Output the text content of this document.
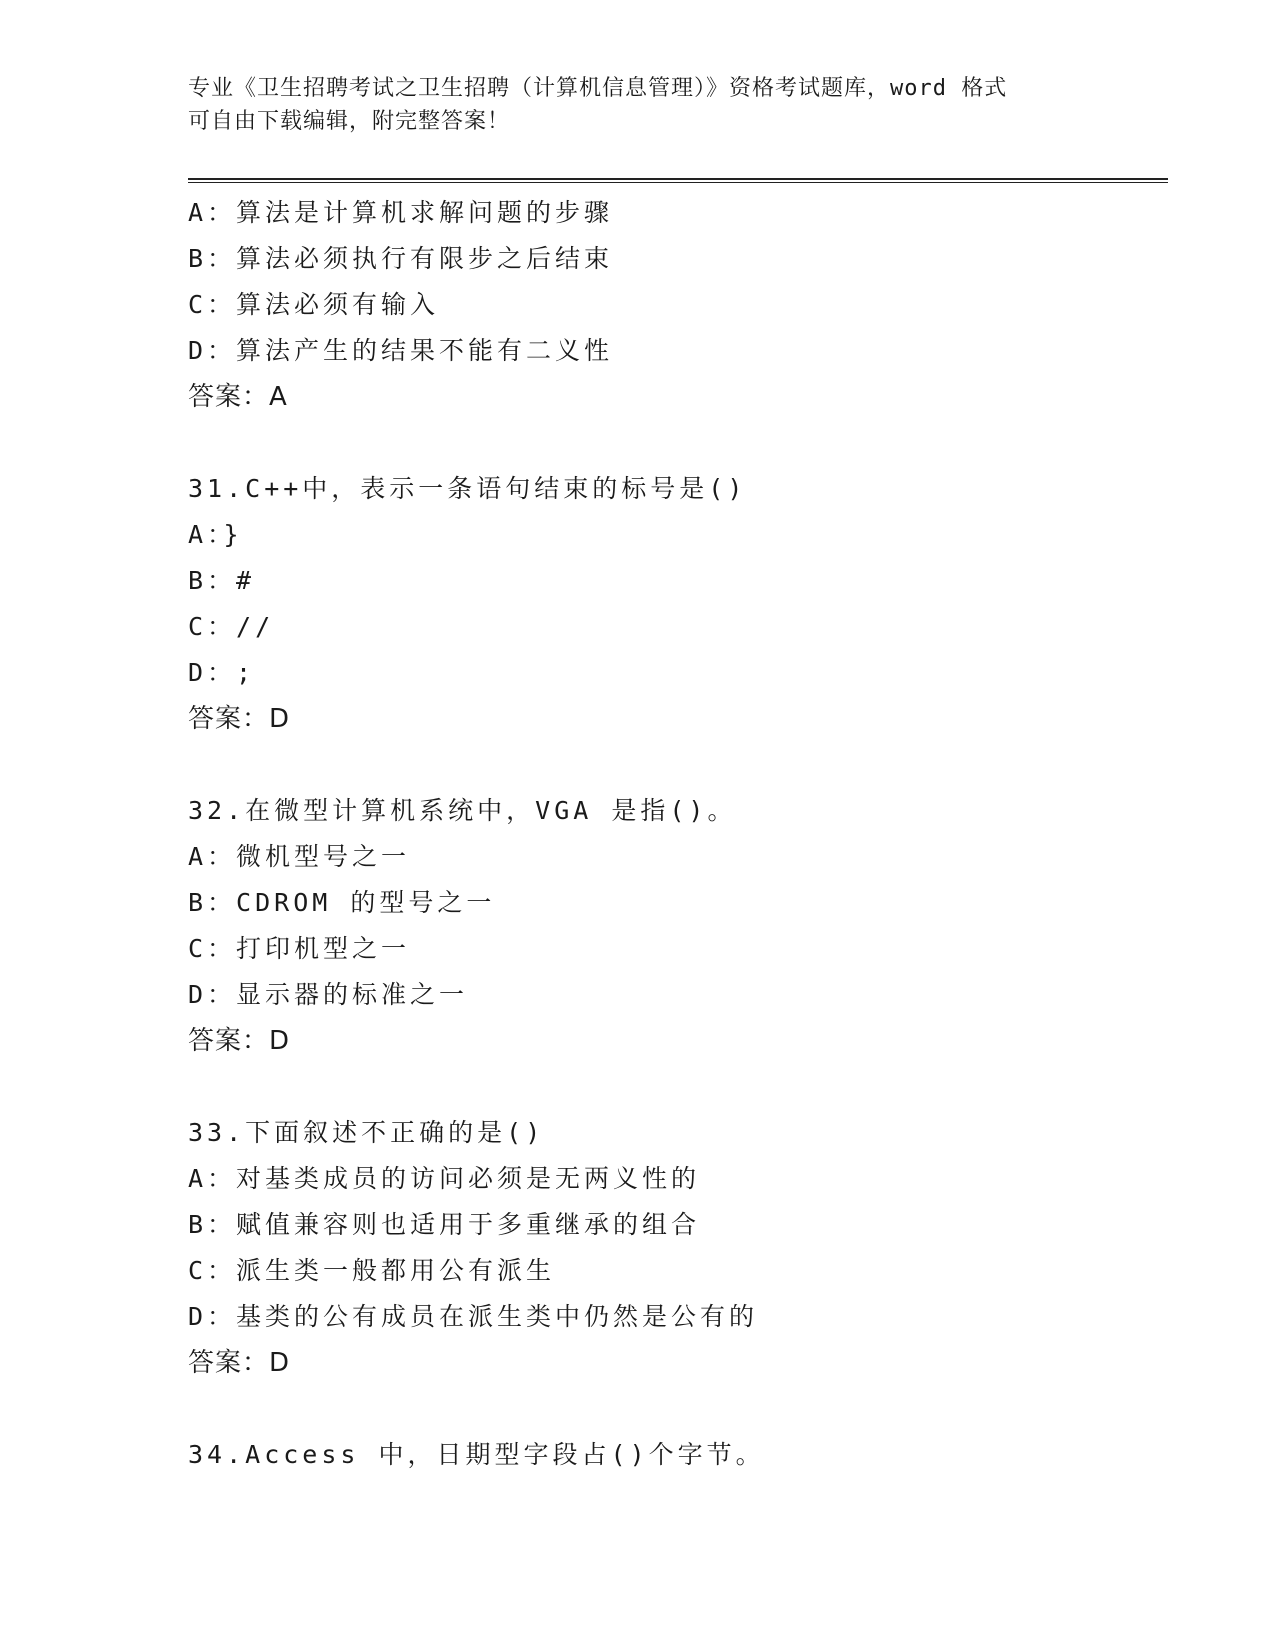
专业《卫生招聘考试之卫生招聘（计算机信息管理）》资格考试题库，word 格式
可自由下载编辑，附完整答案！
A：算法是计算机求解问题的步骤
B：算法必须执行有限步之后结束
C：算法必须有输入
D：算法产生的结果不能有二义性
答案：A
31.C++中，表示一条语句结束的标号是()
A：}
B：#
C：//
D：;
答案：D
32.在微型计算机系统中，VGA 是指()。
A：微机型号之一
B：CDROM 的型号之一
C：打印机型之一
D：显示器的标准之一
答案：D
33.下面叙述不正确的是()
A：对基类成员的访问必须是无两义性的
B：赋值兼容则也适用于多重继承的组合
C：派生类一般都用公有派生
D：基类的公有成员在派生类中仍然是公有的
答案：D
34.Access 中，日期型字段占()个字节。
